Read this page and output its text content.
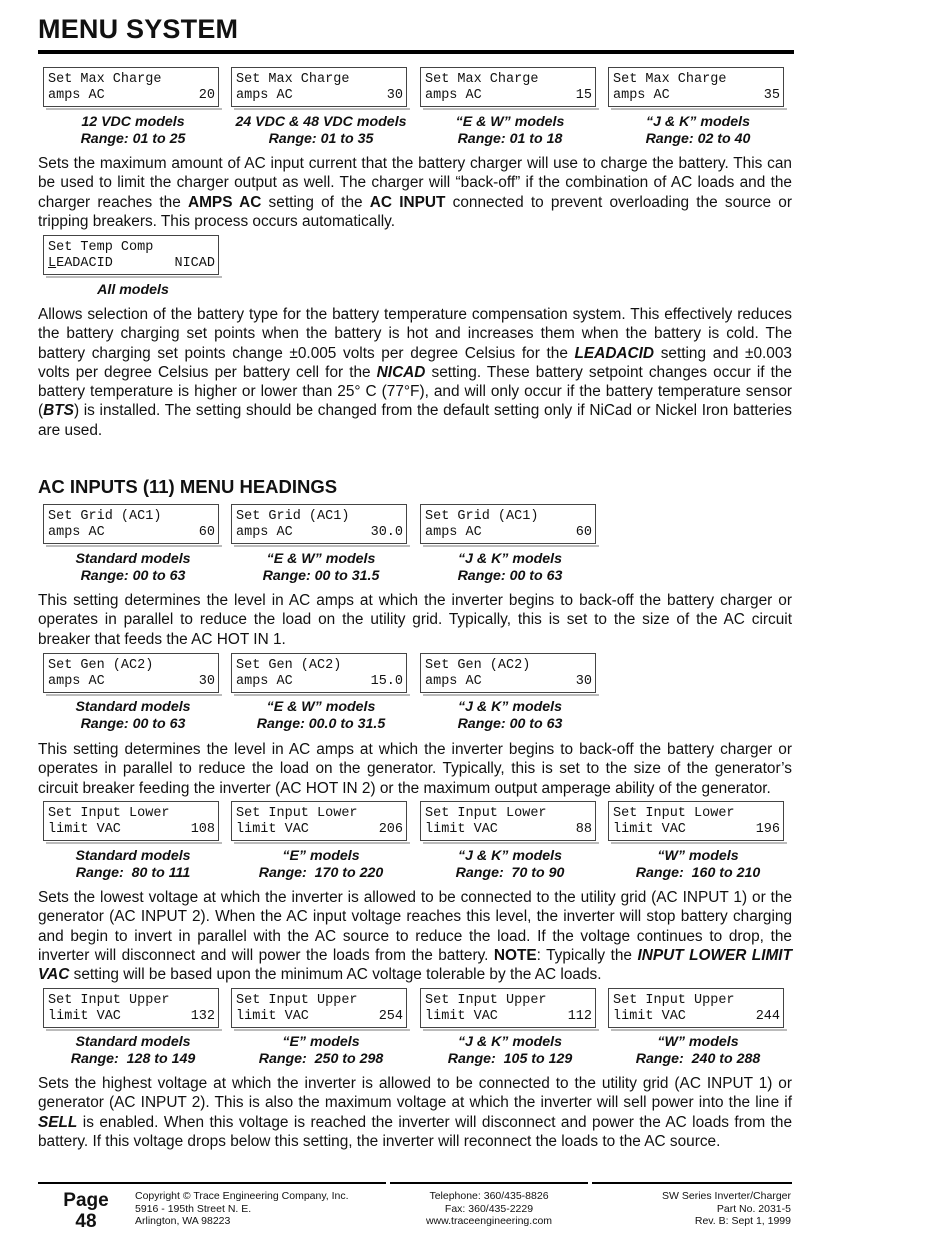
MENU SYSTEM
Set Max Charge
amps AC	20
Set Max Charge
amps AC	30
Set Max Charge
amps AC	15
Set Max Charge
amps AC	35
12 VDC models
Range: 01 to 25
24 VDC & 48 VDC models
Range: 01 to 35
“E & W” models
Range: 01 to 18
“J & K” models
Range: 02 to 40
Sets the maximum amount of AC input current that the battery charger will use to charge the battery. This can be used to limit the charger output as well. The charger will “back-off” if the combination of AC loads and the charger reaches the AMPS AC setting of the AC INPUT connected to prevent overloading the source or tripping breakers. This process occurs automatically.
Set Temp Comp
LEADACID	NICAD
All models
Allows selection of the battery type for the battery temperature compensation system. This effectively reduces the battery charging set points when the battery is hot and increases them when the battery is cold. The battery charging set points change ±0.005 volts per degree Celsius for the LEADACID setting and ±0.003 volts per degree Celsius per battery cell for the NICAD setting. These battery setpoint changes occur if the battery temperature is higher or lower than 25° C (77°F), and will only occur if the battery temperature sensor (BTS) is installed. The setting should be changed from the default setting only if NiCad or Nickel Iron batteries are used.
AC INPUTS (11) MENU HEADINGS
Set Grid (AC1)
amps AC	60
Set Grid (AC1)
amps AC	30.0
Set Grid (AC1)
amps AC	60
Standard models
Range: 00 to 63
“E & W” models
Range: 00 to 31.5
“J & K” models
Range: 00 to 63
This setting determines the level in AC amps at which the inverter begins to back-off the battery charger or operates in parallel to reduce the load on the utility grid. Typically, this is set to the size of the AC circuit breaker that feeds the AC HOT IN 1.
Set Gen (AC2)
amps AC	30
Set Gen (AC2)
amps AC	15.0
Set Gen (AC2)
amps AC	30
Standard models
Range: 00 to 63
“E & W” models
Range: 00.0 to 31.5
“J & K” models
Range: 00 to 63
This setting determines the level in AC amps at which the inverter begins to back-off the battery charger or operates in parallel to reduce the load on the generator. Typically, this is set to the size of the generator’s circuit breaker feeding the inverter (AC HOT IN 2) or the maximum output amperage ability of the generator.
Set Input Lower
limit VAC	108
Set Input Lower
limit VAC	206
Set Input Lower
limit VAC	88
Set Input Lower
limit VAC	196
Standard models
Range:  80 to 111
“E” models
Range:  170 to 220
“J & K” models
Range:  70 to 90
“W” models
Range:  160 to 210
Sets the lowest voltage at which the inverter is allowed to be connected to the utility grid (AC INPUT 1) or the generator (AC INPUT 2). When the AC input voltage reaches this level, the inverter will stop battery charging and begin to invert in parallel with the AC source to reduce the load. If the voltage continues to drop, the inverter will disconnect and will power the loads from the battery. NOTE: Typically the INPUT LOWER LIMIT VAC setting will be based upon the minimum AC voltage tolerable by the AC loads.
Set Input Upper
limit VAC	132
Set Input Upper
limit VAC	254
Set Input Upper
limit VAC	112
Set Input Upper
limit VAC	244
Standard models
Range:  128 to 149
“E” models
Range:  250 to 298
“J & K” models
Range:  105 to 129
“W” models
Range:  240 to 288
Sets the highest voltage at which the inverter is allowed to be connected to the utility grid (AC INPUT 1) or generator (AC INPUT 2). This is also the maximum voltage at which the inverter will sell power into the line if SELL is enabled. When this voltage is reached the inverter will disconnect and power the AC loads from the battery. If this voltage drops below this setting, the inverter will reconnect the loads to the AC source.
Page
48
Copyright © Trace Engineering Company, Inc.
5916 - 195th Street N. E.
Arlington, WA 98223
Telephone: 360/435-8826
Fax: 360/435-2229
www.traceengineering.com
SW Series Inverter/Charger
Part No. 2031-5
Rev. B: Sept 1, 1999
